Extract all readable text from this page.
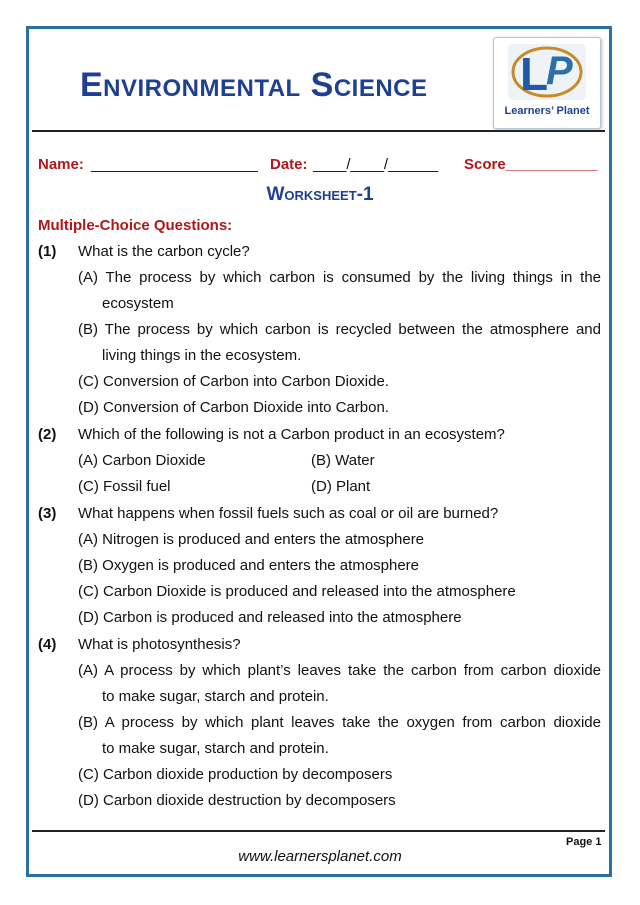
Environmental Science L
P
Learners’ Planet
Name: ____________________ Date: ____/____/______ Score___________
Worksheet-1
Multiple-Choice Questions:
(1) What is the carbon cycle?
(A) The process by which carbon is consumed by the living things in the
ecosystem
(B) The process by which carbon is recycled between the atmosphere and
living things in the ecosystem.
(C) Conversion of Carbon into Carbon Dioxide.
(D) Conversion of Carbon Dioxide into Carbon.
(2) Which of the following is not a Carbon product in an ecosystem?
(A) Carbon Dioxide	(B) Water
(C) Fossil fuel	(D) Plant
(3) What happens when fossil fuels such as coal or oil are burned?
(A) Nitrogen is produced and enters the atmosphere
(B) Oxygen is produced and enters the atmosphere
(C) Carbon Dioxide is produced and released into the atmosphere
(D) Carbon is produced and released into the atmosphere
(4) What is photosynthesis?
(A) A process by which plant’s leaves take the carbon from carbon dioxide
to make sugar, starch and protein.
(B) A process by which plant leaves take the oxygen from carbon dioxide
to make sugar, starch and protein.
(C) Carbon dioxide production by decomposers
(D) Carbon dioxide destruction by decomposers
Page 1
www.learnersplanet.com
